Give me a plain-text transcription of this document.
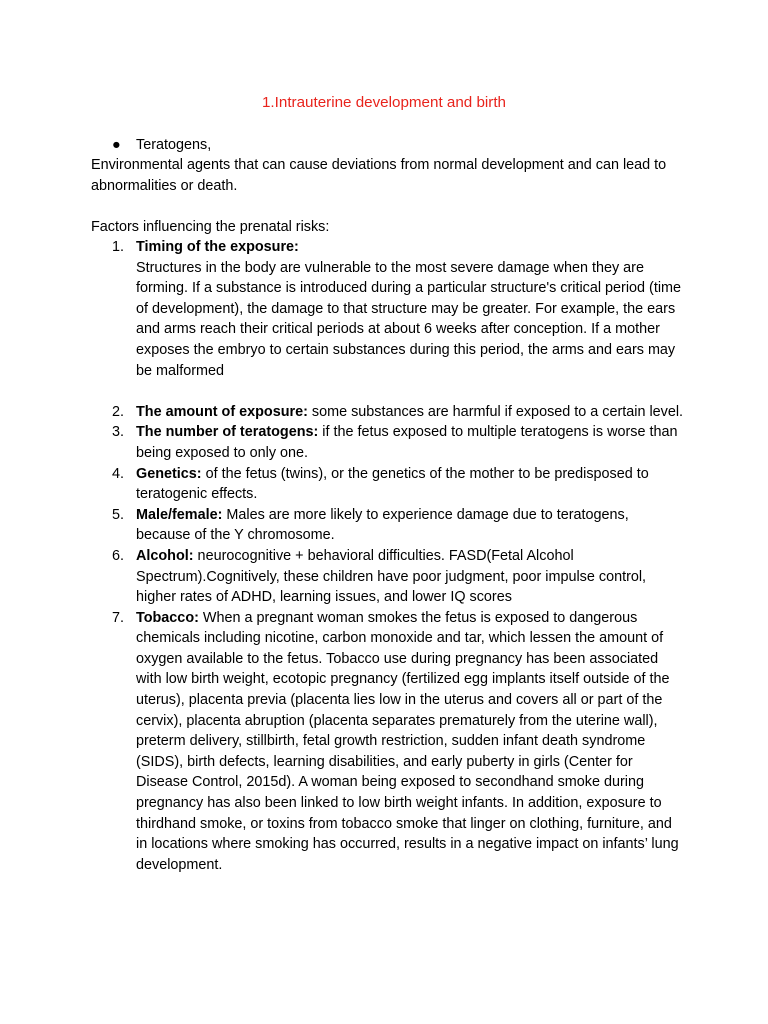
1.Intrauterine development and birth
● Teratogens,

Environmental agents that can cause deviations from normal development and can lead to abnormalities or death.

Factors influencing the prenatal risks:

1. Timing of the exposure:
Structures in the body are vulnerable to the most severe damage when they are forming. If a substance is introduced during a particular structure's critical period (time of development), the damage to that structure may be greater. For example, the ears and arms reach their critical periods at about 6 weeks after conception. If a mother exposes the embryo to certain substances during this period, the arms and ears may be malformed
2. The amount of exposure: some substances are harmful if exposed to a certain level.
3. The number of teratogens: if the fetus exposed to multiple teratogens is worse than being exposed to only one.
4. Genetics: of the fetus (twins), or the genetics of the mother to be predisposed to teratogenic effects.
5. Male/female: Males are more likely to experience damage due to teratogens, because of the Y chromosome.
6. Alcohol: neurocognitive + behavioral difficulties. FASD(Fetal Alcohol Spectrum).Cognitively, these children have poor judgment, poor impulse control, higher rates of ADHD, learning issues, and lower IQ scores
7. Tobacco: When a pregnant woman smokes the fetus is exposed to dangerous chemicals including nicotine, carbon monoxide and tar, which lessen the amount of oxygen available to the fetus. Tobacco use during pregnancy has been associated with low birth weight, ecotopic pregnancy (fertilized egg implants itself outside of the uterus), placenta previa (placenta lies low in the uterus and covers all or part of the cervix), placenta abruption (placenta separates prematurely from the uterine wall), preterm delivery, stillbirth, fetal growth restriction, sudden infant death syndrome (SIDS), birth defects, learning disabilities, and early puberty in girls (Center for Disease Control, 2015d). A woman being exposed to secondhand smoke during pregnancy has also been linked to low birth weight infants. In addition, exposure to thirdhand smoke, or toxins from tobacco smoke that linger on clothing, furniture, and in locations where smoking has occurred, results in a negative impact on infants’ lung development.
